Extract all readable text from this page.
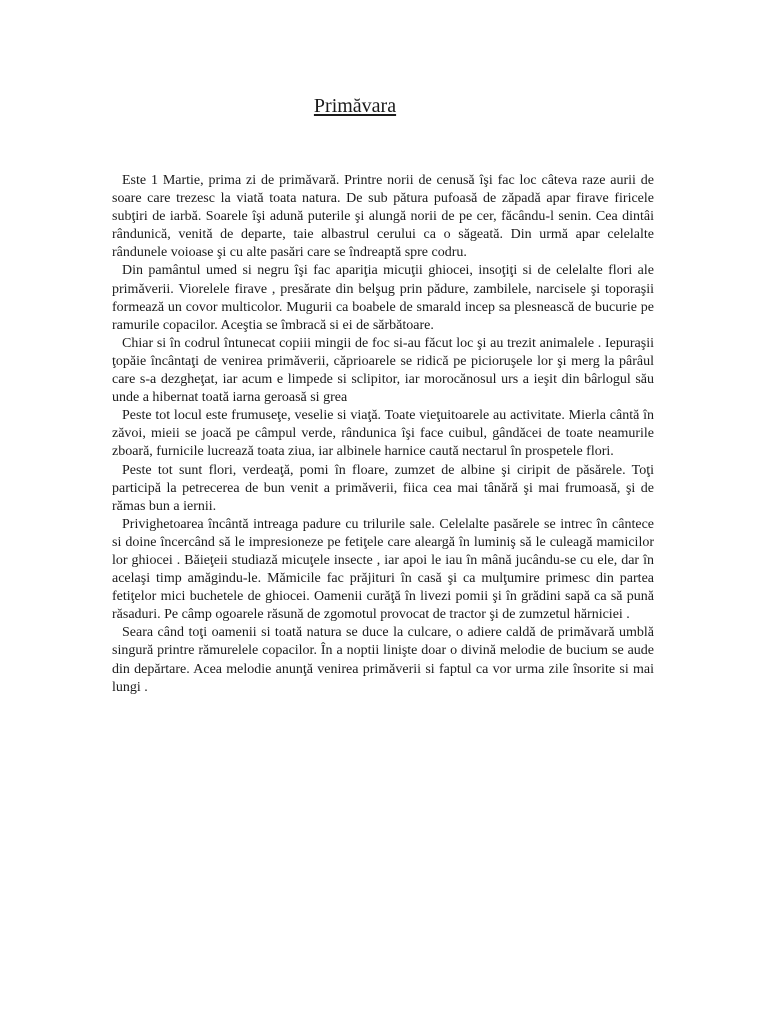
Primăvara

Este 1 Martie, prima zi de primăvară. Printre norii de cenusă îşi fac loc câteva raze aurii de soare care trezesc la viată toata natura. De sub pătura pufoasă de zăpadă apar firave firicele subţiri de iarbă. Soarele îşi adună puterile şi alungă norii de pe cer, făcându-l senin. Cea dintâi rândunică, venită de departe, taie albastrul cerului ca o săgeată. Din urmă apar celelalte rândunele voioase şi cu alte pasări care se îndreaptă spre codru.

Din pamântul umed si negru îşi fac apariţia micuţii ghiocei, insoţiţi si de celelalte flori ale primăverii. Viorelele firave , presărate din belşug prin pădure, zambilele, narcisele şi toporaşii formează un covor multicolor. Mugurii ca boabele de smarald incep sa plesnească de bucurie pe ramurile copacilor. Aceştia se îmbracă si ei de sărbătoare.

Chiar si în codrul întunecat copiii mingii de foc si-au făcut loc şi au trezit animalele . Iepuraşii ţopăie încântaţi de venirea primăverii, căprioarele se ridică pe picioruşele lor şi merg la pârâul care s-a dezgheţat, iar acum e limpede si sclipitor, iar morocănosul urs a ieşit din bârlogul său unde a hibernat toată iarna geroasă si grea

Peste tot locul este frumuseţe, veselie si viaţă. Toate vieţuitoarele au activitate. Mierla cântă în zăvoi, mieii se joacă pe câmpul verde, rândunica îşi face cuibul, gândăcei de toate neamurile zboară, furnicile lucrează toata ziua, iar albinele harnice caută nectarul în prospetele flori.

Peste tot sunt flori, verdeaţă, pomi în floare, zumzet de albine şi ciripit de păsărele. Toţi participă la petrecerea de bun venit a primăverii, fiica cea mai tânără şi mai frumoasă, şi de rămas bun a iernii.

Privighetoarea încântă intreaga padure cu trilurile sale. Celelalte pasărele se intrec în cântece si doine încercând să le impresioneze pe fetiţele care aleargă în luminiş să le culeagă mamicilor lor ghiocei . Băieţeii studiază micuţele insecte , iar apoi le iau în mână jucându-se cu ele, dar în acelaşi timp amăgindu-le. Mămicile fac prăjituri în casă şi ca mulţumire primesc din partea fetiţelor mici buchetele de ghiocei. Oamenii curăţă în livezi pomii şi în grădini sapă ca să pună răsaduri. Pe câmp ogoarele răsună de zgomotul provocat de tractor şi de zumzetul hărniciei .

Seara când toţi oamenii si toată natura se duce la culcare, o adiere caldă de primăvară umblă singură printre rămurelele copacilor. În a noptii linişte doar o divină melodie de bucium se aude din depărtare. Acea melodie anunţă venirea primăverii si faptul ca vor urma zile însorite si mai lungi .
